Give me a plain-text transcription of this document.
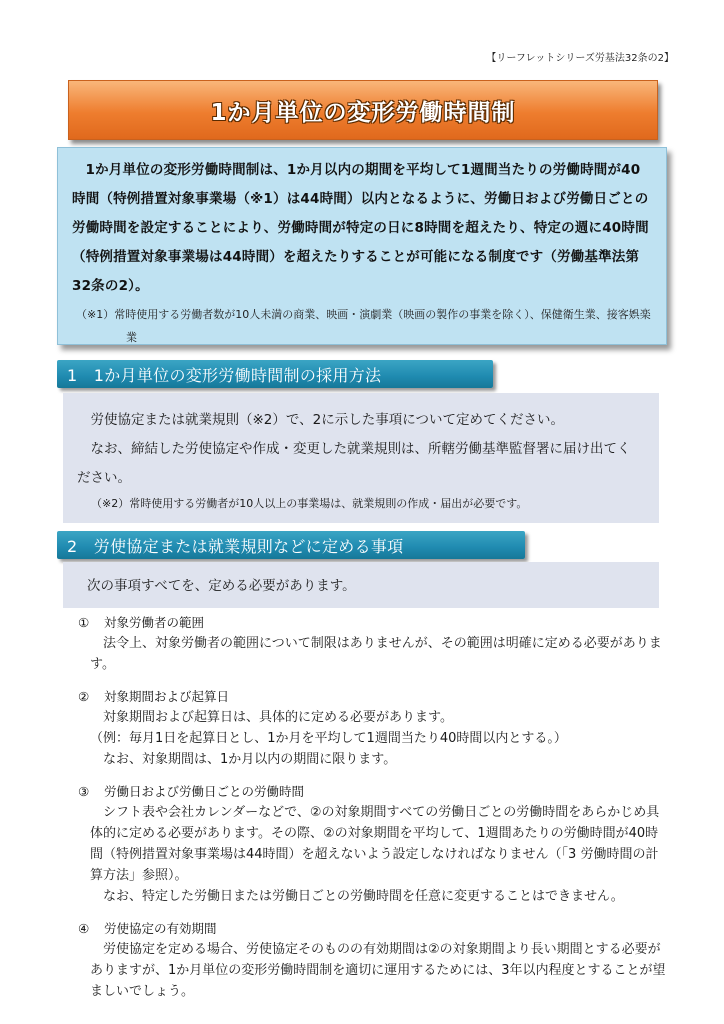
【リーフレットシリーズ労基法32条の2】
1か月単位の変形労働時間制

1か月単位の変形労働時間制は、1か月以内の期間を平均して1週間当たりの労働時間が40時間（特例措置対象事業場（※1）は44時間）以内となるように、労働日および労働日ごとの労働時間を設定することにより、労働時間が特定の日に8時間を超えたり、特定の週に40時間（特例措置対象事業場は44時間）を超えたりすることが可能になる制度です（労働基準法第32条の2）。

（※1）常時使用する労働者数が10人未満の商業、映画・演劇業（映画の製作の事業を除く）、保健衛生業、接客娯楽業

1　1か月単位の変形労働時間制の採用方法

労使協定または就業規則（※2）で、2に示した事項について定めてください。

なお、締結した労使協定や作成・変更した就業規則は、所轄労働基準監督署に届け出てください。

（※2）常時使用する労働者が10人以上の事業場は、就業規則の作成・届出が必要です。

2　労使協定または就業規則などに定める事項

次の事項すべてを、定める必要があります。

① 対象労働者の範囲

法令上、対象労働者の範囲について制限はありませんが、その範囲は明確に定める必要があります。

② 対象期間および起算日

対象期間および起算日は、具体的に定める必要があります。

（例：毎月1日を起算日とし、1か月を平均して1週間当たり40時間以内とする。）

なお、対象期間は、1か月以内の期間に限ります。

③ 労働日および労働日ごとの労働時間

シフト表や会社カレンダーなどで、②の対象期間すべての労働日ごとの労働時間をあらかじめ具体的に定める必要があります。その際、②の対象期間を平均して、1週間あたりの労働時間が40時間（特例措置対象事業場は44時間）を超えないよう設定しなければなりません（「3 労働時間の計算方法」参照）。

なお、特定した労働日または労働日ごとの労働時間を任意に変更することはできません。

④ 労使協定の有効期間

労使協定を定める場合、労使協定そのものの有効期間は②の対象期間より長い期間とする必要がありますが、1か月単位の変形労働時間制を適切に運用するためには、3年以内程度とすることが望ましいでしょう。
